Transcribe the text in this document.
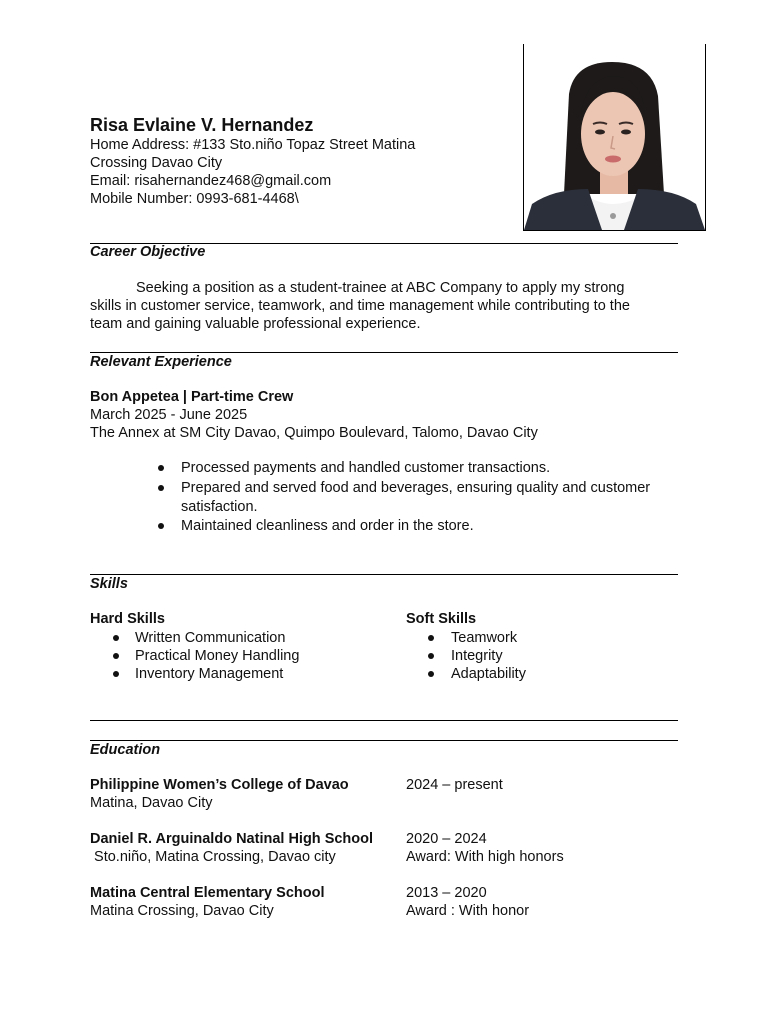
Risa Evlaine V. Hernandez
Home Address: #133 Sto.niño Topaz Street Matina
Crossing Davao City
Email: risahernandez468@gmail.com
Mobile Number: 0993-681-4468\
Career Objective
Seeking a position as a student-trainee at ABC Company to apply my strong
skills in customer service, teamwork, and time management while contributing to the
team and gaining valuable professional experience.
Relevant Experience
Bon Appetea | Part-time Crew
March 2025 - June 2025
The Annex at SM City Davao, Quimpo Boulevard, Talomo, Davao City
Processed payments and handled customer transactions.
Prepared and served food and beverages, ensuring quality and customer
satisfaction.
Maintained cleanliness and order in the store.
Skills
Hard Skills
Written Communication
Practical Money Handling
Inventory Management
Soft Skills
Teamwork
Integrity
Adaptability
Education
Philippine Women’s College of Davao
Matina, Davao City
2024 – present
Daniel R. Arguinaldo Natinal High School
Sto.niño, Matina Crossing, Davao city
2020 – 2024
Award: With high honors
Matina Central Elementary School
Matina Crossing, Davao City
2013 – 2020
Award : With honor
